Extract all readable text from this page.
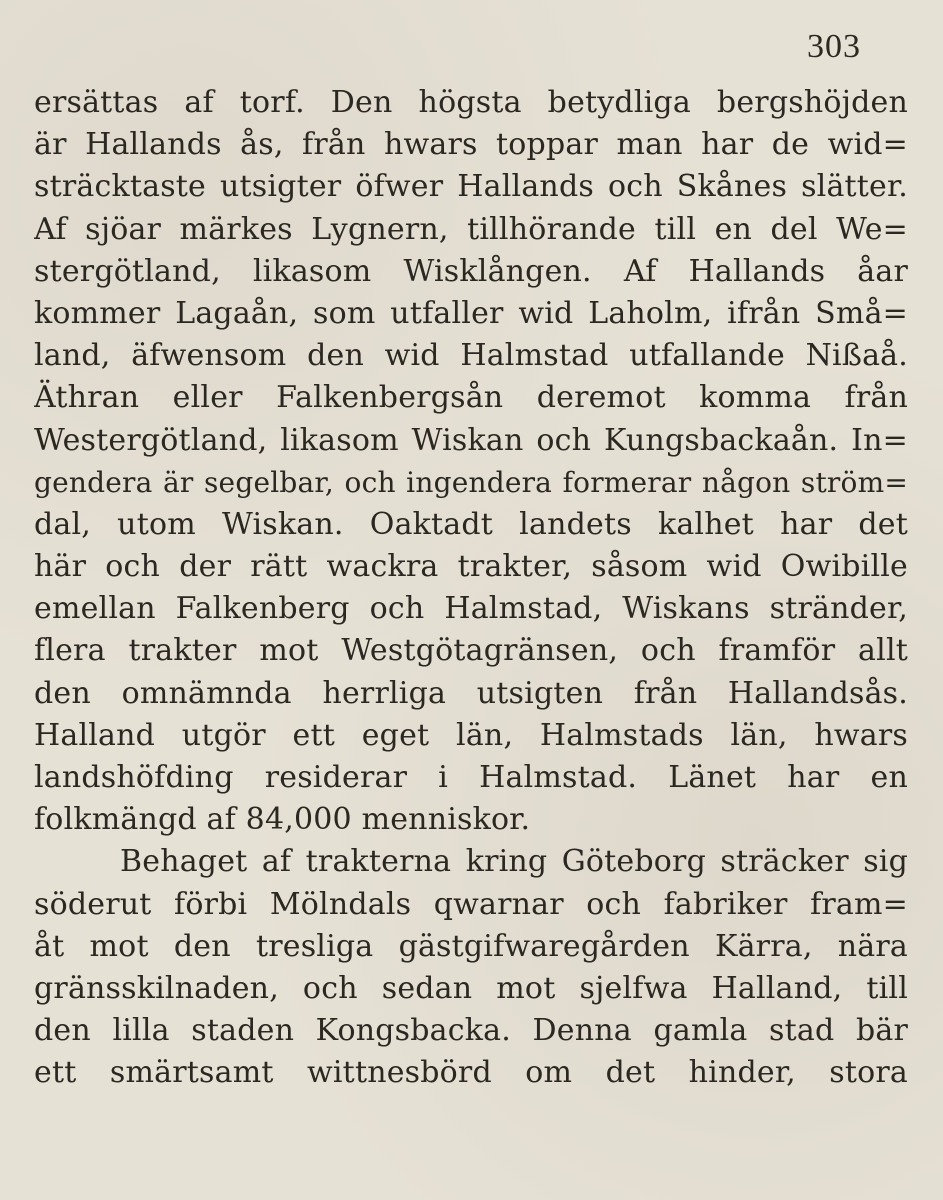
303
ersättas af torf. Den högsta betydliga bergshöjden
är Hallands ås, från hwars toppar man har de wid=
sträcktaste utsigter öfwer Hallands och Skånes slätter.
Af sjöar märkes Lygnern, tillhörande till en del We=
stergötland, likasom Wisklången. Af Hallands åar
kommer Lagaån, som utfaller wid Laholm, ifrån Små=
land, äfwensom den wid Halmstad utfallande Nißaå.
Äthran eller Falkenbergsån deremot komma från
Westergötland, likasom Wiskan och Kungsbackaån. In=
gendera är segelbar, och ingendera formerar någon ström=
dal, utom Wiskan. Oaktadt landets kalhet har det
här och der rätt wackra trakter, såsom wid Owibille
emellan Falkenberg och Halmstad, Wiskans stränder,
flera trakter mot Westgötagränsen, och framför allt
den omnämnda herrliga utsigten från Hallandsås.
Halland utgör ett eget län, Halmstads län, hwars
landshöfding residerar i Halmstad. Länet har en
folkmängd af 84,000 menniskor.
Behaget af trakterna kring Göteborg sträcker sig
söderut förbi Mölndals qwarnar och fabriker fram=
åt mot den tresliga gästgifwaregården Kärra, nära
gränsskilnaden, och sedan mot sjelfwa Halland, till
den lilla staden Kongsbacka. Denna gamla stad bär
ett smärtsamt wittnesbörd om det hinder, stora
